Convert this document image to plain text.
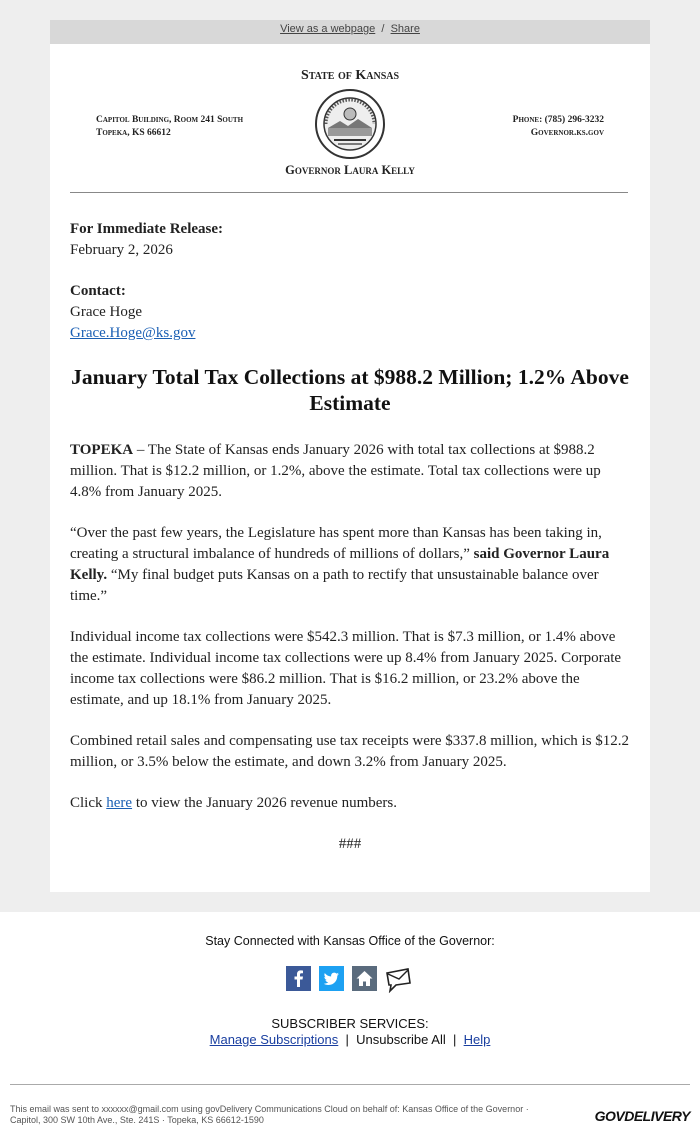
View as a webpage / Share
State of Kansas
Capitol Building, Room 241 South
Topeka, KS 66612
Phone: (785) 296-3232
Governor.ks.gov
Governor Laura Kelly

For Immediate Release:
February 2, 2026

Contact:
Grace Hoge
Grace.Hoge@ks.gov

January Total Tax Collections at $988.2 Million; 1.2% Above Estimate

TOPEKA – The State of Kansas ends January 2026 with total tax collections at $988.2 million. That is $12.2 million, or 1.2%, above the estimate. Total tax collections were up 4.8% from January 2025.

“Over the past few years, the Legislature has spent more than Kansas has been taking in, creating a structural imbalance of hundreds of millions of dollars,” said Governor Laura Kelly. “My final budget puts Kansas on a path to rectify that unsustainable balance over time.”

Individual income tax collections were $542.3 million. That is $7.3 million, or 1.4% above the estimate. Individual income tax collections were up 8.4% from January 2025. Corporate income tax collections were $86.2 million. That is $16.2 million, or 23.2% above the estimate, and up 18.1% from January 2025.

Combined retail sales and compensating use tax receipts were $337.8 million, which is $12.2 million, or 3.5% below the estimate, and down 3.2% from January 2025.

Click here to view the January 2026 revenue numbers.

###

Stay Connected with Kansas Office of the Governor:
SUBSCRIBER SERVICES:
Manage Subscriptions | Unsubscribe All | Help
This email was sent to xxxxxx@gmail.com using govDelivery Communications Cloud on behalf of: Kansas Office of the Governor ·
Capitol, 300 SW 10th Ave., Ste. 241S · Topeka, KS 66612-1590	GOVDELIVERY
